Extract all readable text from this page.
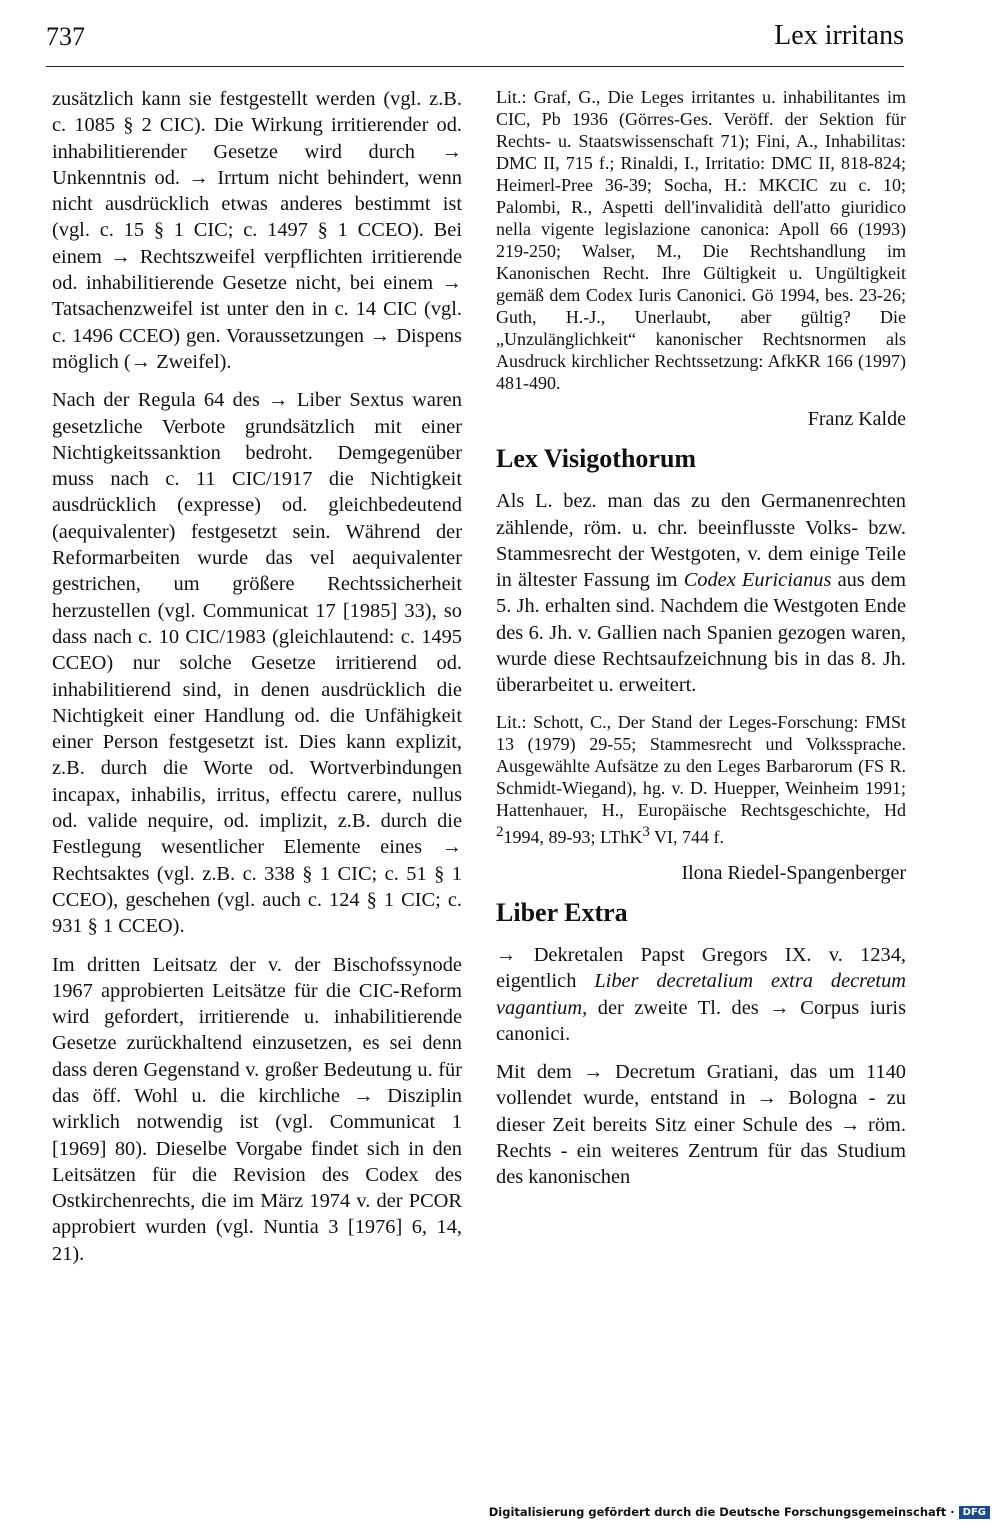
737	Lex irritans

zusätzlich kann sie festgestellt werden (vgl. z.B. c. 1085 § 2 CIC). Die Wirkung irritierender od. inhabilitierender Gesetze wird durch → Unkenntnis od. → Irrtum nicht behindert, wenn nicht ausdrücklich etwas anderes bestimmt ist (vgl. c. 15 § 1 CIC; c. 1497 § 1 CCEO). Bei einem → Rechtszweifel verpflichten irritierende od. inhabilitierende Gesetze nicht, bei einem → Tatsachenzweifel ist unter den in c. 14 CIC (vgl. c. 1496 CCEO) gen. Voraussetzungen → Dispens möglich (→ Zweifel).

Nach der Regula 64 des → Liber Sextus waren gesetzliche Verbote grundsätzlich mit einer Nichtigkeitssanktion bedroht. Demgegenüber muss nach c. 11 CIC/1917 die Nichtigkeit ausdrücklich (expresse) od. gleichbedeutend (aequivalenter) festgesetzt sein. Während der Reformarbeiten wurde das vel aequivalenter gestrichen, um größere Rechtssicherheit herzustellen (vgl. Communicat 17 [1985] 33), so dass nach c. 10 CIC/1983 (gleichlautend: c. 1495 CCEO) nur solche Gesetze irritierend od. inhabilitierend sind, in denen ausdrücklich die Nichtigkeit einer Handlung od. die Unfähigkeit einer Person festgesetzt ist. Dies kann explizit, z.B. durch die Worte od. Wortverbindungen incapax, inhabilis, irritus, effectu carere, nullus od. valide nequire, od. implizit, z.B. durch die Festlegung wesentlicher Elemente eines → Rechtsaktes (vgl. z.B. c. 338 § 1 CIC; c. 51 § 1 CCEO), geschehen (vgl. auch c. 124 § 1 CIC; c. 931 § 1 CCEO).

Im dritten Leitsatz der v. der Bischofssynode 1967 approbierten Leitsätze für die CIC-Reform wird gefordert, irritierende u. inhabilitierende Gesetze zurückhaltend einzusetzen, es sei denn dass deren Gegenstand v. großer Bedeutung u. für das öff. Wohl u. die kirchliche → Disziplin wirklich notwendig ist (vgl. Communicat 1 [1969] 80). Dieselbe Vorgabe findet sich in den Leitsätzen für die Revision des Codex des Ostkirchenrechts, die im März 1974 v. der PCOR approbiert wurden (vgl. Nuntia 3 [1976] 6, 14, 21).

Lit.: Graf, G., Die Leges irritantes u. inhabilitantes im CIC, Pb 1936 (Görres-Ges. Veröff. der Sektion für Rechts- u. Staatswissenschaft 71); Fini, A., Inhabilitas: DMC II, 715 f.; Rinaldi, I., Irritatio: DMC II, 818-824; Heimerl-Pree 36-39; Socha, H.: MKCIC zu c. 10; Palombi, R., Aspetti dell'invalidità dell'atto giuridico nella vigente legislazione canonica: Apoll 66 (1993) 219-250; Walser, M., Die Rechtshandlung im Kanonischen Recht. Ihre Gültigkeit u. Ungültigkeit gemäß dem Codex Iuris Canonici. Gö 1994, bes. 23-26; Guth, H.-J., Unerlaubt, aber gültig? Die „Unzulänglichkeit“ kanonischer Rechtsnormen als Ausdruck kirchlicher Rechtssetzung: AfkKR 166 (1997) 481-490.

Franz Kalde

Lex Visigothorum

Als L. bez. man das zu den Germanenrechten zählende, röm. u. chr. beeinflusste Volks- bzw. Stammesrecht der Westgoten, v. dem einige Teile in ältester Fassung im Codex Euricianus aus dem 5. Jh. erhalten sind. Nachdem die Westgoten Ende des 6. Jh. v. Gallien nach Spanien gezogen waren, wurde diese Rechtsaufzeichnung bis in das 8. Jh. überarbeitet u. erweitert.

Lit.: Schott, C., Der Stand der Leges-Forschung: FMSt 13 (1979) 29-55; Stammesrecht und Volkssprache. Ausgewählte Aufsätze zu den Leges Barbarorum (FS R. Schmidt-Wiegand), hg. v. D. Huepper, Weinheim 1991; Hattenhauer, H., Europäische Rechtsgeschichte, Hd $^2$1994, 89-93; LThK$^3$ VI, 744 f.

Ilona Riedel-Spangenberger

Liber Extra

→ Dekretalen Papst Gregors IX. v. 1234, eigentlich Liber decretalium extra decretum vagantium, der zweite Tl. des → Corpus iuris canonici.

Mit dem → Decretum Gratiani, das um 1140 vollendet wurde, entstand in → Bologna - zu dieser Zeit bereits Sitz einer Schule des → röm. Rechts - ein weiteres Zentrum für das Studium des kanonischen

Digitalisierung gefördert durch die Deutsche Forschungsgemeinschaft · DFG
